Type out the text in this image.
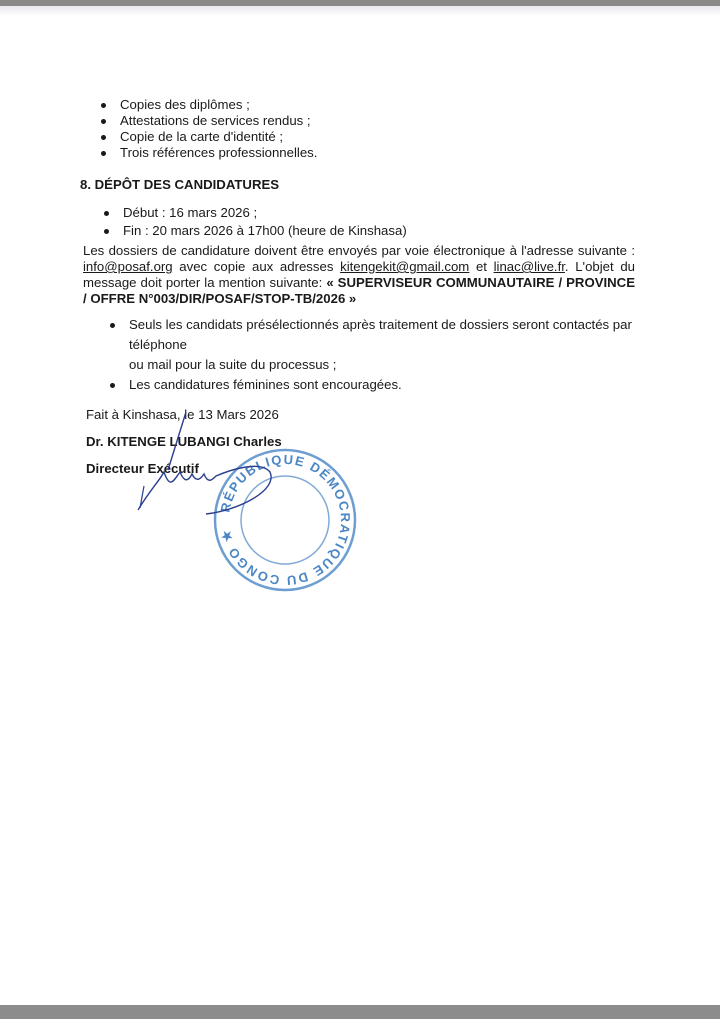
Copies des diplômes ;

Attestations de services rendus ;

Copie de la carte d'identité ;

Trois références professionnelles.

8. DÉPÔT DES CANDIDATURES

Début : 16 mars 2026 ;

Fin : 20 mars 2026 à 17h00 (heure de Kinshasa)

Les dossiers de candidature doivent être envoyés par voie électronique à l'adresse suivante : info@posaf.org avec copie aux adresses kitengekit@gmail.com et linac@live.fr. L'objet du message doit porter la mention suivante: « SUPERVISEUR COMMUNAUTAIRE / PROVINCE / OFFRE N°003/DIR/POSAF/STOP-TB/2026 »

Seuls les candidats présélectionnés après traitement de dossiers seront contactés par téléphone
ou mail pour la suite du processus ;

Les candidatures féminines sont encouragées.

Fait à Kinshasa, le 13 Mars 2026
Dr. KITENGE LUBANGI Charles
Directeur Exécutif
RÉPUBLIQUE DÉMOCRATIQUE DU CONGO ★
